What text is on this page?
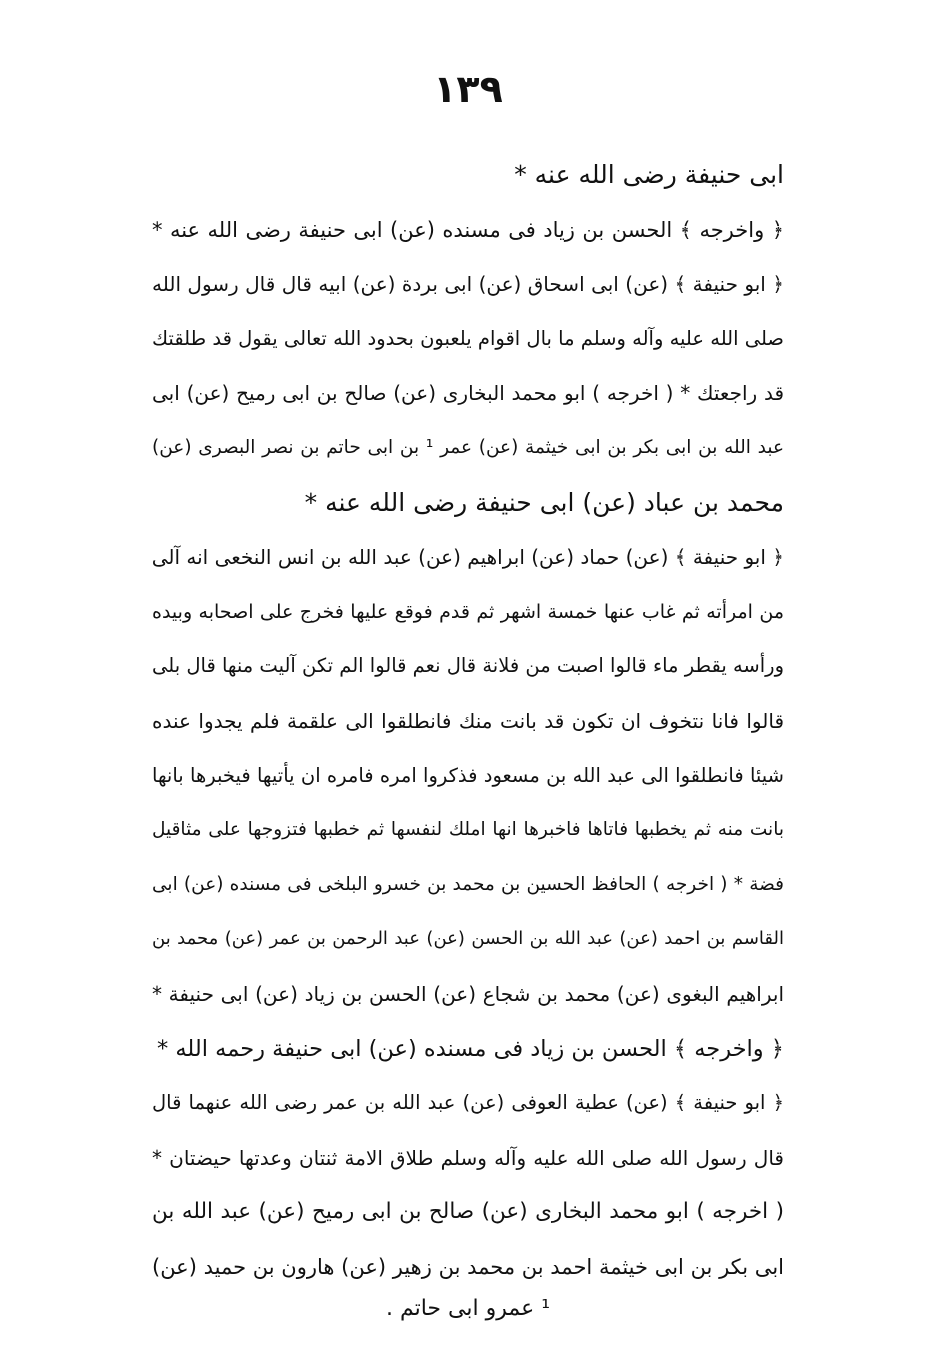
١٣٩
ابی حنیفة رضی الله عنه *
﴿ واخرجه ﴾ الحسن بن زیاد فی مسنده (عن) ابی حنیفة رضی الله عنه *
﴿ ابو حنیفة ﴾ (عن) ابی اسحاق (عن) ابی بردة (عن) ابیه قال قال رسول الله
صلی الله علیه وآله وسلم ما بال اقوام یلعبون بحدود الله تعالی یقول قد طلقتك
قد راجعتك * ( اخرجه ) ابو محمد البخاری (عن) صالح بن ابی رمیح (عن) ابی
عبد الله بن ابی بکر بن ابی خیثمة (عن) عمر ¹ بن ابی حاتم بن نصر البصری (عن)
محمد بن عباد (عن) ابی حنیفة رضی الله عنه *
﴿ ابو حنیفة ﴾ (عن) حماد (عن) ابراهیم (عن) عبد الله بن انس النخعی انه آلی
من امرأته ثم غاب عنها خمسة اشهر ثم قدم فوقع علیها فخرج علی اصحابه وبیده
ورأسه یقطر ماء قالوا اصبت من فلانة قال نعم قالوا الم تکن آلیت منها قال بلی
قالوا فانا نتخوف ان تکون قد بانت منك فانطلقوا الی علقمة فلم یجدوا عنده
شیئا فانطلقوا الی عبد الله بن مسعود فذکروا امره فامره ان یأتیها فیخبرها بانها
بانت منه ثم یخطبها فاتاها فاخبرها انها املك لنفسها ثم خطبها فتزوجها علی مثاقیل
فضة * ( اخرجه ) الحافظ الحسین بن محمد بن خسرو البلخی فی مسنده (عن) ابی
القاسم بن احمد (عن) عبد الله بن الحسن (عن) عبد الرحمن بن عمر (عن) محمد بن
ابراهیم البغوی (عن) محمد بن شجاع (عن) الحسن بن زیاد (عن) ابی حنیفة *
﴿ واخرجه ﴾ الحسن بن زیاد فی مسنده (عن) ابی حنیفة رحمه الله *
﴿ ابو حنیفة ﴾ (عن) عطیة العوفی (عن) عبد الله بن عمر رضی الله عنهما قال
قال رسول الله صلی الله علیه وآله وسلم طلاق الامة ثنتان وعدتها حیضتان *
( اخرجه ) ابو محمد البخاری (عن) صالح بن ابی رمیح (عن) عبد الله بن
ابی بکر بن ابی خیثمة احمد بن محمد بن زهیر (عن) هارون بن حمید (عن)
¹ عمرو ابی حاتم .
